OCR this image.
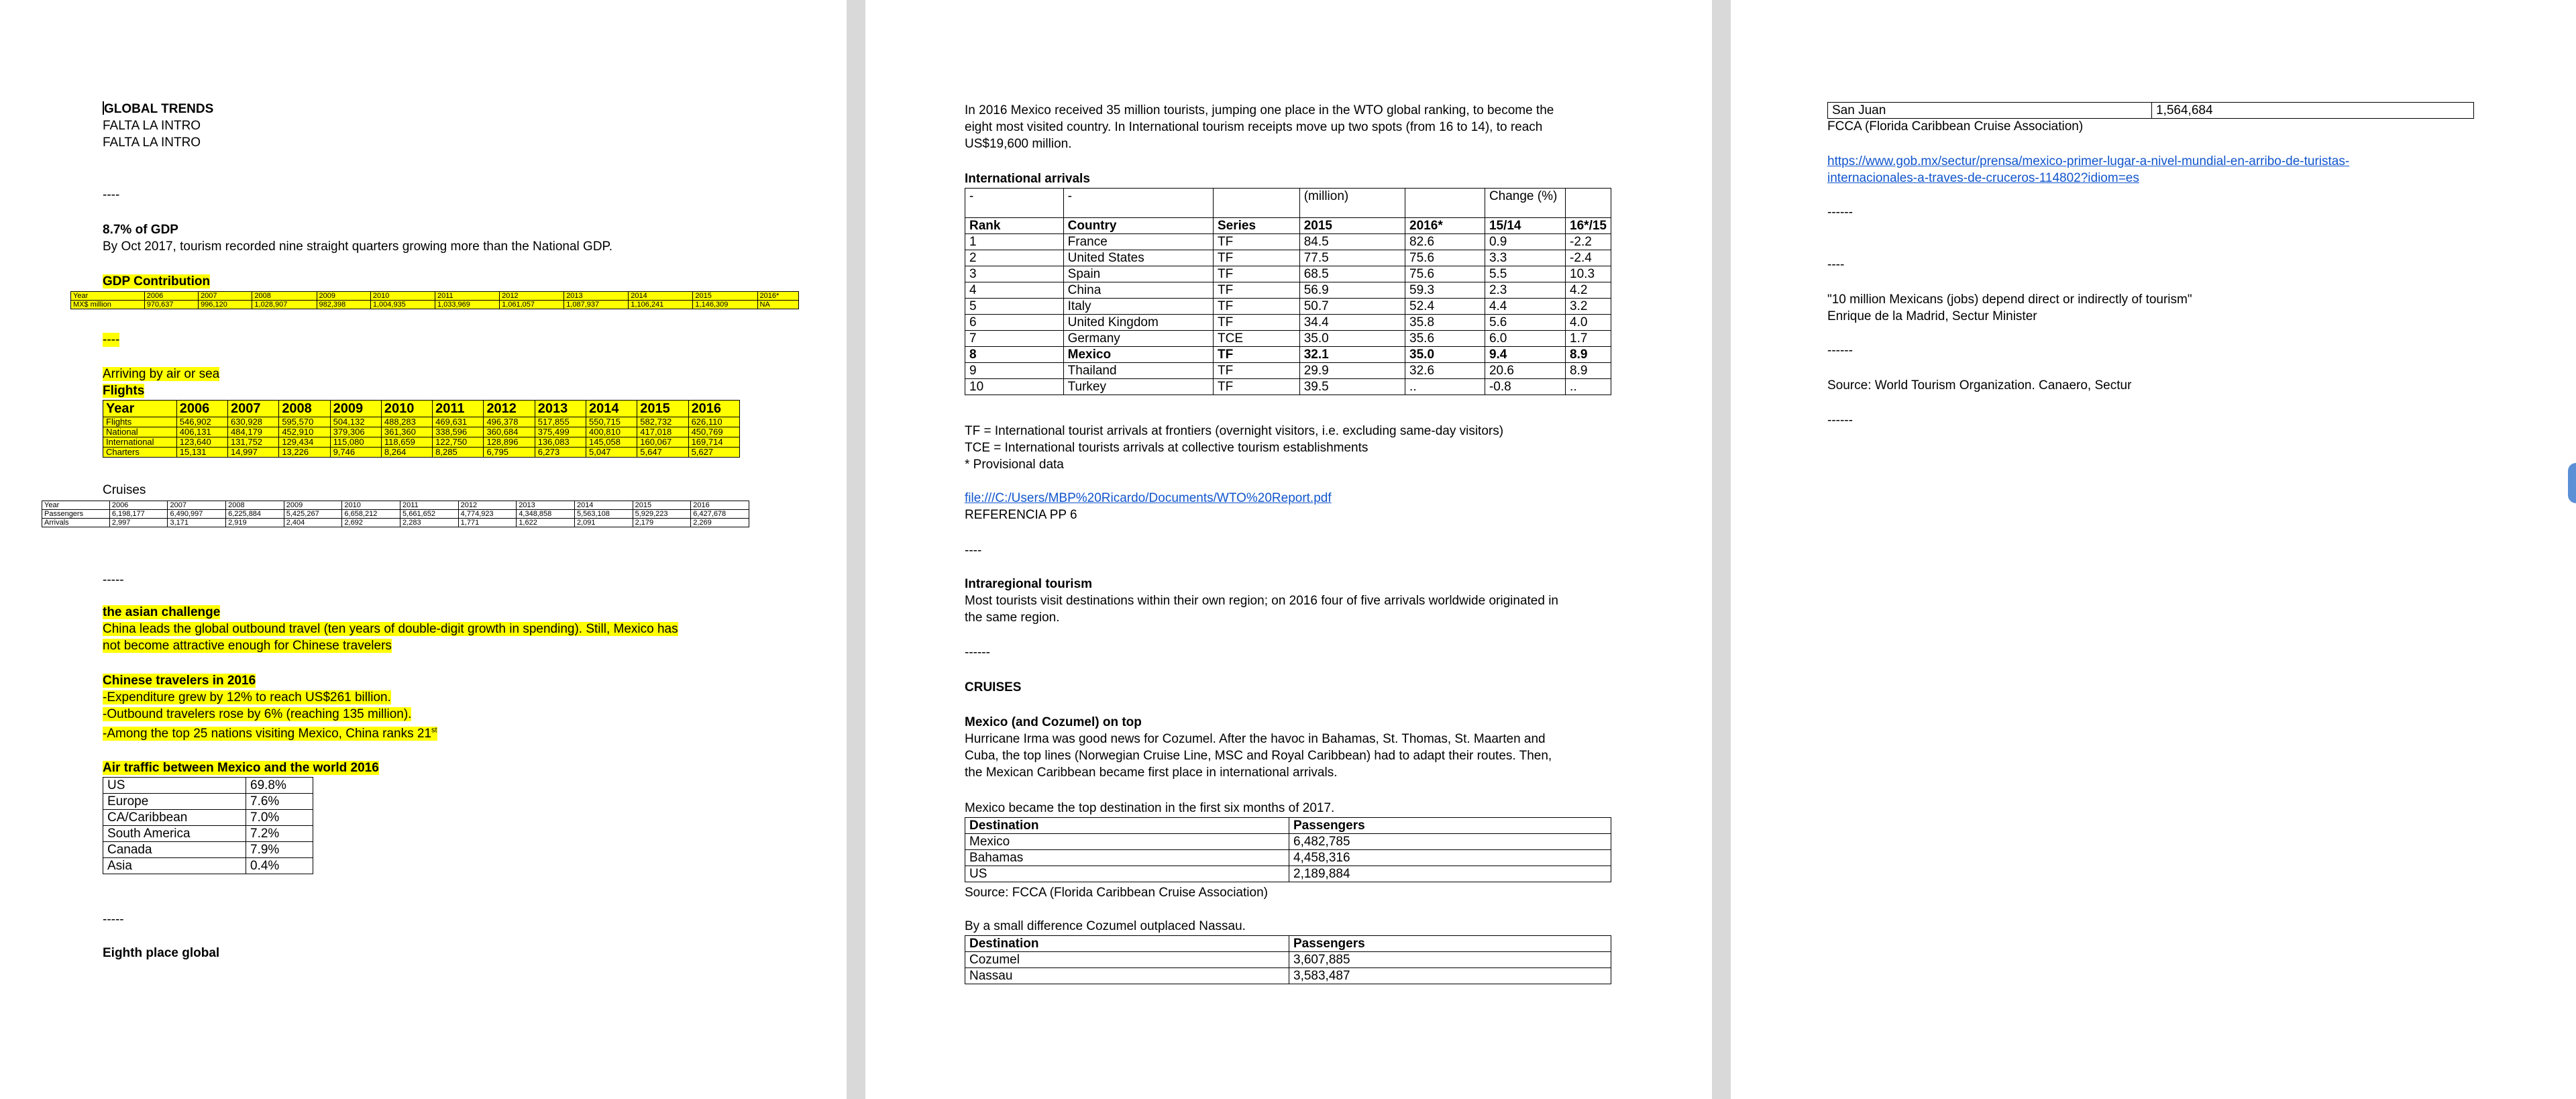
GLOBAL TRENDS

FALTA LA INTRO

FALTA LA INTRO

----

8.7% of GDP

By Oct 2017, tourism recorded nine straight quarters growing more than the National GDP.

GDP Contribution
Year	2006	2007	2008	2009	2010	2011	2012	2013	2014	2015	2016*
MX$ million	970,637	996,120	1,028,907	982,398	1,004,935	1,033,969	1,061,057	1,087,937	1,106,241	1,146,309	NA
----
Arriving by air or sea
Flights
Year	2006	2007	2008	2009	2010	2011	2012	2013	2014	2015	2016
Flights	546,902	630,928	595,570	504,132	488,283	469,631	496,378	517,855	550,715	582,732	626,110
National	406,131	484,179	452,910	379,306	361,360	338,596	360,684	375,499	400,810	417,018	450,769
International	123,640	131,752	129,434	115,080	118,659	122,750	128,896	136,083	145,058	160,067	169,714
Charters	15,131	14,997	13,226	9,746	8,264	8,285	6,795	6,273	5,047	5,647	5,627
Cruises
Year	2006	2007	2008	2009	2010	2011	2012	2013	2014	2015	2016
Passengers	6,198,177	6,490,997	6,225,884	5,425,267	6,658,212	5,661,652	4,774,923	4,348,858	5,563,108	5,929,223	6,427,678
Arrivals	2,997	3,171	2,919	2,404	2,692	2,283	1,771	1,622	2,091	2,179	2,269
-----

the asian challenge

China leads the global outbound travel (ten years of double-digit growth in spending). Still, Mexico has

not become attractive enough for Chinese travelers

Chinese travelers in 2016

-Expenditure grew by 12% to reach US$261 billion.

-Outbound travelers rose by 6% (reaching 135 million).

-Among the top 25 nations visiting Mexico, China ranks 21st

Air traffic between Mexico and the world 2016
US	69.8%
Europe	7.6%
CA/Caribbean	7.0%
South America	7.2%
Canada	7.9%
Asia	0.4%
-----
Eighth place global

In 2016 Mexico received 35 million tourists, jumping one place in the WTO global ranking, to become the

eight most visited country. In International tourism receipts move up two spots (from 16 to 14), to reach

US$19,600 million.

International arrivals
-	-		(million)		Change (%)	
Rank	Country	Series	2015	2016*	15/14	16*/15
1	France	TF	84.5	82.6	0.9	-2.2
2	United States	TF	77.5	75.6	3.3	-2.4
3	Spain	TF	68.5	75.6	5.5	10.3
4	China	TF	56.9	59.3	2.3	4.2
5	Italy	TF	50.7	52.4	4.4	3.2
6	United Kingdom	TF	34.4	35.8	5.6	4.0
7	Germany	TCE	35.0	35.6	6.0	1.7
8	Mexico	TF	32.1	35.0	9.4	8.9
9	Thailand	TF	29.9	32.6	20.6	8.9
10	Turkey	TF	39.5	..	-0.8	..

TF = International tourist arrivals at frontiers (overnight visitors, i.e. excluding same-day visitors)

TCE = International tourists arrivals at collective tourism establishments

* Provisional data

file:///C:/Users/MBP%20Ricardo/Documents/WTO%20Report.pdf
REFERENCIA PP 6
----

Intraregional tourism

Most tourists visit destinations within their own region; on 2016 four of five arrivals worldwide originated in

the same region.

------
CRUISES

Mexico (and Cozumel) on top

Hurricane Irma was good news for Cozumel. After the havoc in Bahamas, St. Thomas, St. Maarten and

Cuba, the top lines (Norwegian Cruise Line, MSC and Royal Caribbean) had to adapt their routes. Then,

the Mexican Caribbean became first place in international arrivals.

Mexico became the top destination in the first six months of 2017.
Destination	Passengers
Mexico	6,482,785
Bahamas	4,458,316
US	2,189,884
Source: FCCA (Florida Caribbean Cruise Association)
By a small difference Cozumel outplaced Nassau.
Destination	Passengers
Cozumel	3,607,885
Nassau	3,583,487
San Juan	1,564,684
FCCA (Florida Caribbean Cruise Association)

https://www.gob.mx/sectur/prensa/mexico-primer-lugar-a-nivel-mundial-en-arribo-de-turistas-

internacionales-a-traves-de-cruceros-114802?idiom=es

------
----

"10 million Mexicans (jobs) depend direct or indirectly of tourism"

Enrique de la Madrid, Sectur Minister

------
Source: World Tourism Organization. Canaero, Sectur
------
